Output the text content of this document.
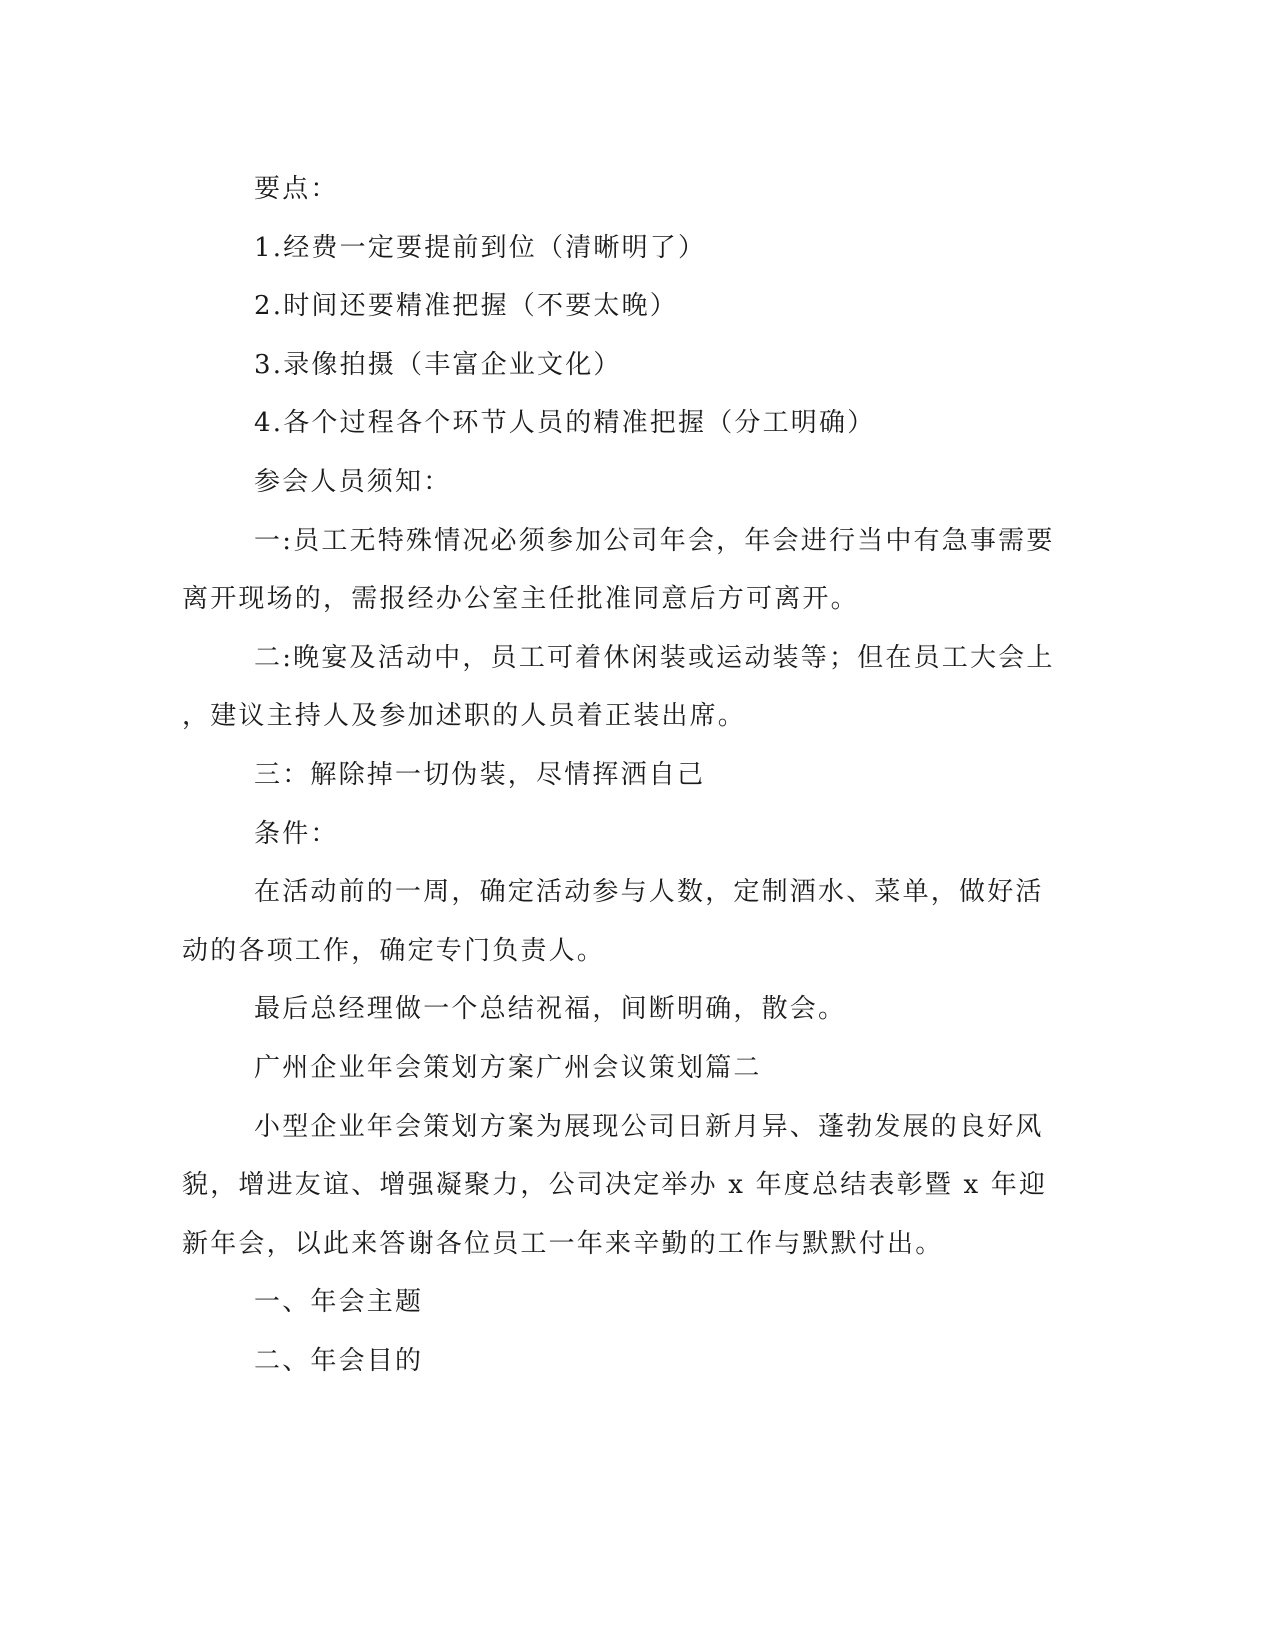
要点：
1.经费一定要提前到位（清晰明了）
2.时间还要精准把握（不要太晚）
3.录像拍摄（丰富企业文化）
4.各个过程各个环节人员的精准把握（分工明确）
参会人员须知：
一:员工无特殊情况必须参加公司年会，年会进行当中有急事需要
离开现场的，需报经办公室主任批准同意后方可离开。
二:晚宴及活动中，员工可着休闲装或运动装等；但在员工大会上
，建议主持人及参加述职的人员着正装出席。
三：解除掉一切伪装，尽情挥洒自己
条件：
在活动前的一周，确定活动参与人数，定制酒水、菜单，做好活
动的各项工作，确定专门负责人。
最后总经理做一个总结祝福，间断明确，散会。
广州企业年会策划方案广州会议策划篇二
小型企业年会策划方案为展现公司日新月异、蓬勃发展的良好风
貌，增进友谊、增强凝聚力，公司决定举办 x 年度总结表彰暨 x 年迎
新年会，以此来答谢各位员工一年来辛勤的工作与默默付出。
一、年会主题
二、年会目的
